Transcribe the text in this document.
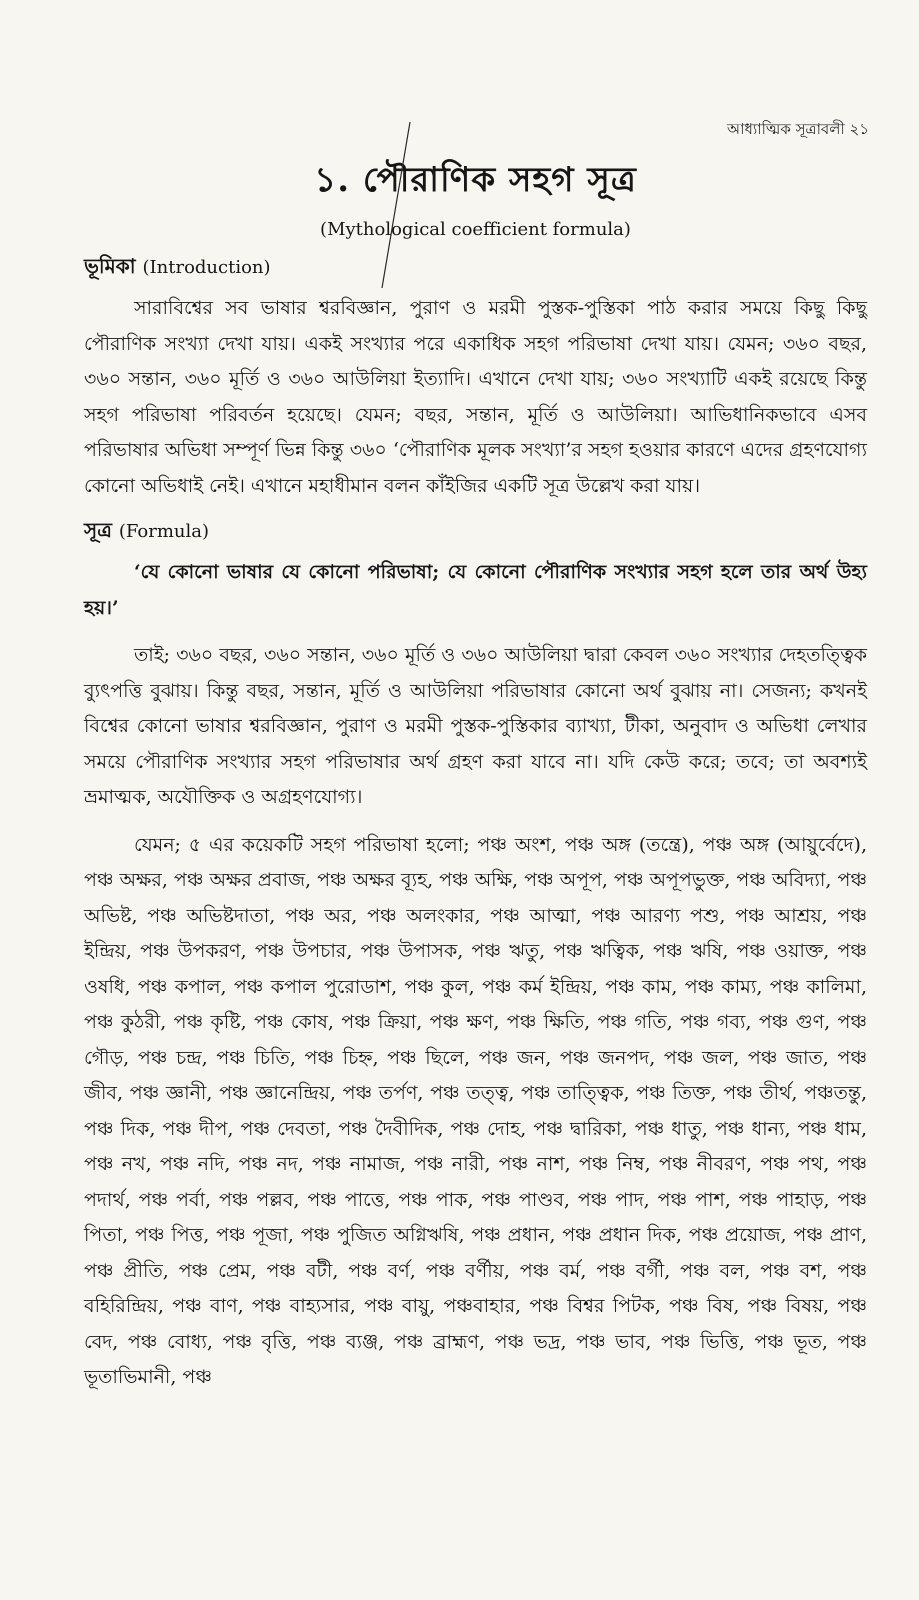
আধ্যাত্মিক সূত্রাবলী ২১
১. পৌরাণিক সহগ সূত্র
(Mythological coefficient formula)
ভূমিকা (Introduction)

সারাবিশ্বের সব ভাষার শ্বরবিজ্ঞান, পুরাণ ও মরমী পুস্তক-পুস্তিকা পাঠ করার সময়ে কিছু কিছু পৌরাণিক সংখ্যা দেখা যায়। একই সংখ্যার পরে একাধিক সহগ পরিভাষা দেখা যায়। যেমন; ৩৬০ বছর, ৩৬০ সন্তান, ৩৬০ মূর্তি ও ৩৬০ আউলিয়া ইত্যাদি। এখানে দেখা যায়; ৩৬০ সংখ্যাটি একই রয়েছে কিন্তু সহগ পরিভাষা পরিবর্তন হয়েছে। যেমন; বছর, সন্তান, মূর্তি ও আউলিয়া। আভিধানিকভাবে এসব পরিভাষার অভিধা সম্পূর্ণ ভিন্ন কিন্তু ৩৬০ ‘পৌরাণিক মূলক সংখ্যা’র সহগ হওয়ার কারণে এদের গ্রহণযোগ্য কোনো অভিধাই নেই। এখানে মহাধীমান বলন কাঁইজির একটি সূত্র উল্লেখ করা যায়।

সূত্র (Formula)

‘যে কোনো ভাষার যে কোনো পরিভাষা; যে কোনো পৌরাণিক সংখ্যার সহগ হলে তার অর্থ উহ্য হয়।’

তাই; ৩৬০ বছর, ৩৬০ সন্তান, ৩৬০ মূর্তি ও ৩৬০ আউলিয়া দ্বারা কেবল ৩৬০ সংখ্যার দেহতত্ত্বিক ব্যুৎপত্তি বুঝায়। কিন্তু বছর, সন্তান, মূর্তি ও আউলিয়া পরিভাষার কোনো অর্থ বুঝায় না। সেজন্য; কখনই বিশ্বের কোনো ভাষার শ্বরবিজ্ঞান, পুরাণ ও মরমী পুস্তক-পুস্তিকার ব্যাখ্যা, টীকা, অনুবাদ ও অভিধা লেখার সময়ে পৌরাণিক সংখ্যার সহগ পরিভাষার অর্থ গ্রহণ করা যাবে না। যদি কেউ করে; তবে; তা অবশ্যই ভ্রমাত্মক, অযৌক্তিক ও অগ্রহণযোগ্য।

যেমন; ৫ এর কয়েকটি সহগ পরিভাষা হলো; পঞ্চ অংশ, পঞ্চ অঙ্গ (তন্ত্রে), পঞ্চ অঙ্গ (আয়ুর্বেদে), পঞ্চ অক্ষর, পঞ্চ অক্ষর প্রবাজ, পঞ্চ অক্ষর ব্যূহ, পঞ্চ অক্ষি, পঞ্চ অপূপ, পঞ্চ অপূপভুক্ত, পঞ্চ অবিদ্যা, পঞ্চ অভিষ্ট, পঞ্চ অভিষ্টদাতা, পঞ্চ অর, পঞ্চ অলংকার, পঞ্চ আত্মা, পঞ্চ আরণ্য পশু, পঞ্চ আশ্রয়, পঞ্চ ইন্দ্রিয়, পঞ্চ উপকরণ, পঞ্চ উপচার, পঞ্চ উপাসক, পঞ্চ ঋতু, পঞ্চ ঋত্বিক, পঞ্চ ঋষি, পঞ্চ ওয়াক্ত, পঞ্চ ওষধি, পঞ্চ কপাল, পঞ্চ কপাল পুরোডাশ, পঞ্চ কুল, পঞ্চ কর্ম ইন্দ্রিয়, পঞ্চ কাম, পঞ্চ কাম্য, পঞ্চ কালিমা, পঞ্চ কুঠরী, পঞ্চ কৃষ্টি, পঞ্চ কোষ, পঞ্চ ক্রিয়া, পঞ্চ ক্ষণ, পঞ্চ ক্ষিতি, পঞ্চ গতি, পঞ্চ গব্য, পঞ্চ গুণ, পঞ্চ গৌড়, পঞ্চ চন্দ্র, পঞ্চ চিতি, পঞ্চ চিহ্ন, পঞ্চ ছিলে, পঞ্চ জন, পঞ্চ জনপদ, পঞ্চ জল, পঞ্চ জাত, পঞ্চ জীব, পঞ্চ জ্ঞানী, পঞ্চ জ্ঞানেন্দ্রিয়, পঞ্চ তর্পণ, পঞ্চ তত্ত্ব, পঞ্চ তাত্ত্বিক, পঞ্চ তিক্ত, পঞ্চ তীর্থ, পঞ্চতন্তু, পঞ্চ দিক, পঞ্চ দীপ, পঞ্চ দেবতা, পঞ্চ দৈবীদিক, পঞ্চ দোহ, পঞ্চ দ্বারিকা, পঞ্চ ধাতু, পঞ্চ ধান্য, পঞ্চ ধাম, পঞ্চ নখ, পঞ্চ নদি, পঞ্চ নদ, পঞ্চ নামাজ, পঞ্চ নারী, পঞ্চ নাশ, পঞ্চ নিম্ব, পঞ্চ নীবরণ, পঞ্চ পথ, পঞ্চ পদার্থ, পঞ্চ পর্বা, পঞ্চ পল্লব, পঞ্চ পাত্তে, পঞ্চ পাক, পঞ্চ পাণ্ডব, পঞ্চ পাদ, পঞ্চ পাশ, পঞ্চ পাহাড়, পঞ্চ পিতা, পঞ্চ পিত্ত, পঞ্চ পূজা, পঞ্চ পুজিত অগ্নিঋষি, পঞ্চ প্রধান, পঞ্চ প্রধান দিক, পঞ্চ প্রয়োজ, পঞ্চ প্রাণ, পঞ্চ প্রীতি, পঞ্চ প্রেম, পঞ্চ বটী, পঞ্চ বর্ণ, পঞ্চ বর্ণীয়, পঞ্চ বর্ম, পঞ্চ বর্গী, পঞ্চ বল, পঞ্চ বশ, পঞ্চ বহিরিন্দ্রিয়, পঞ্চ বাণ, পঞ্চ বাহ্যসার, পঞ্চ বায়ু, পঞ্চবাহার, পঞ্চ বিশ্বর পিটক, পঞ্চ বিষ, পঞ্চ বিষয়, পঞ্চ বেদ, পঞ্চ বোধ্য, পঞ্চ বৃত্তি, পঞ্চ ব্যঞ্জ, পঞ্চ ব্রাহ্মণ, পঞ্চ ভদ্র, পঞ্চ ভাব, পঞ্চ ভিত্তি, পঞ্চ ভূত, পঞ্চ ভূতাভিমানী, পঞ্চ
